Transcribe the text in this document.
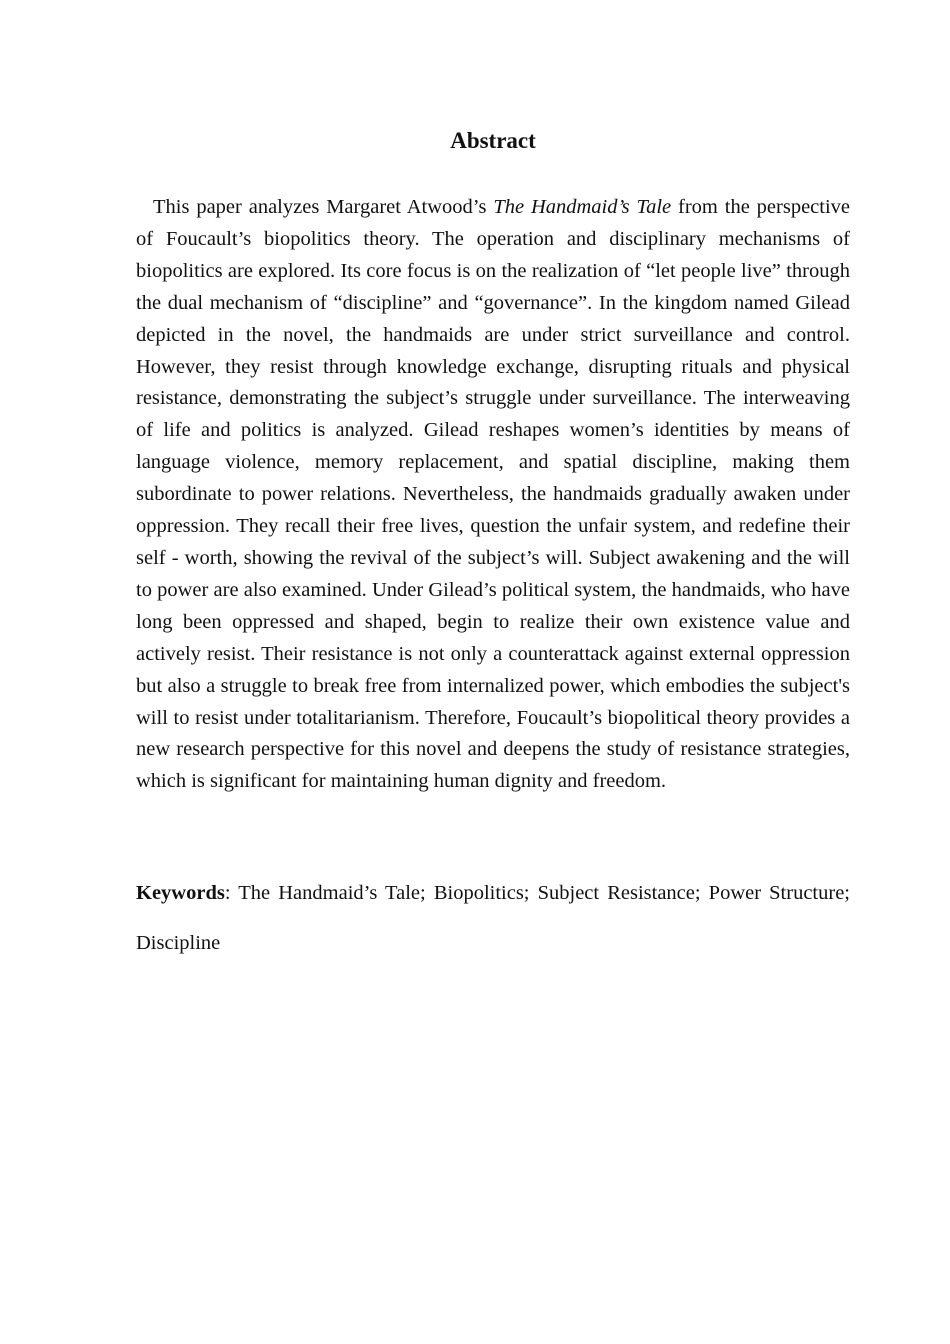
Abstract

This paper analyzes Margaret Atwood’s The Handmaid’s Tale from the perspective of Foucault’s biopolitics theory. The operation and disciplinary mechanisms of biopolitics are explored. Its core focus is on the realization of “let people live” through the dual mechanism of “discipline” and “governance”. In the kingdom named Gilead depicted in the novel, the handmaids are under strict surveillance and control. However, they resist through knowledge exchange, disrupting rituals and physical resistance, demonstrating the subject’s struggle under surveillance. The interweaving of life and politics is analyzed. Gilead reshapes women’s identities by means of language violence, memory replacement, and spatial discipline, making them subordinate to power relations. Nevertheless, the handmaids gradually awaken under oppression. They recall their free lives, question the unfair system, and redefine their self - worth, showing the revival of the subject’s will. Subject awakening and the will to power are also examined. Under Gilead’s political system, the handmaids, who have long been oppressed and shaped, begin to realize their own existence value and actively resist. Their resistance is not only a counterattack against external oppression but also a struggle to break free from internalized power, which embodies the subject's will to resist under totalitarianism. Therefore, Foucault’s biopolitical theory provides a new research perspective for this novel and deepens the study of resistance strategies, which is significant for maintaining human dignity and freedom.

Keywords: The Handmaid’s Tale; Biopolitics; Subject Resistance; Power Structure; Discipline
